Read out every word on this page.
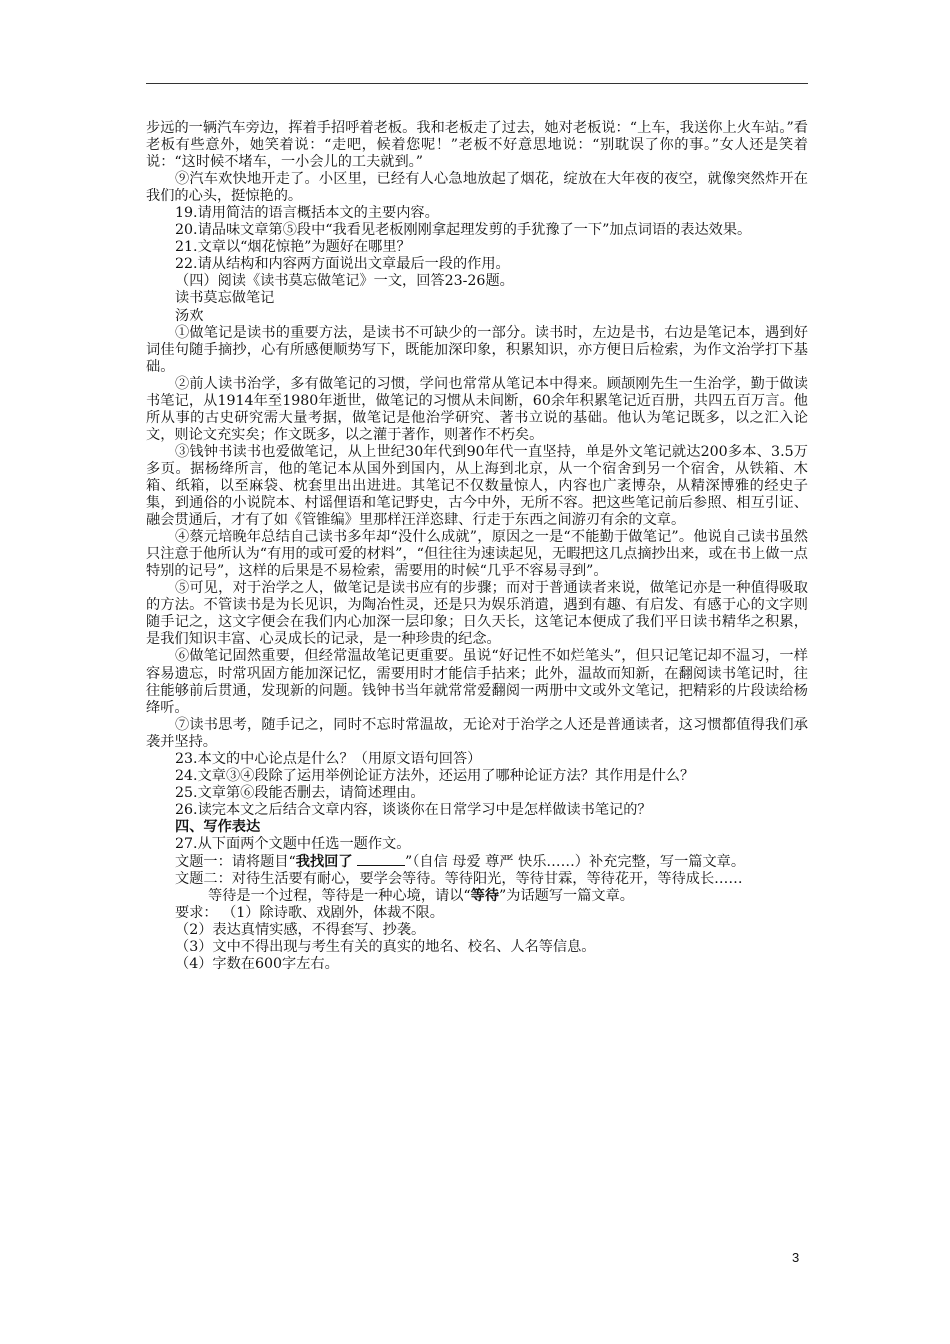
步远的一辆汽车旁边，挥着手招呼着老板。我和老板走了过去，她对老板说：“上车，我送你上火车站。”看老板有些意外，她笑着说：“走吧，候着您呢！”老板不好意思地说：“别耽误了你的事。”女人还是笑着说：“这时候不堵车，一小会儿的工夫就到。”

⑨汽车欢快地开走了。小区里，已经有人心急地放起了烟花，绽放在大年夜的夜空，就像突然炸开在我们的心头，挺惊艳的。

19.请用简洁的语言概括本文的主要内容。

20.请品味文章第⑤段中“我看见老板刚刚拿起理发剪的手犹豫了一下”加点词语的表达效果。

21.文章以“烟花惊艳”为题好在哪里？

22.请从结构和内容两方面说出文章最后一段的作用。

（四）阅读《读书莫忘做笔记》一文，回答23-26题。

读书莫忘做笔记

汤欢

①做笔记是读书的重要方法，是读书不可缺少的一部分。读书时，左边是书，右边是笔记本，遇到好词佳句随手摘抄，心有所感便顺势写下，既能加深印象，积累知识，亦方便日后检索，为作文治学打下基础。

②前人读书治学，多有做笔记的习惯，学问也常常从笔记本中得来。顾颉刚先生一生治学，勤于做读书笔记，从1914年至1980年逝世，做笔记的习惯从未间断，60余年积累笔记近百册，共四五百万言。他所从事的古史研究需大量考据，做笔记是他治学研究、著书立说的基础。他认为笔记既多，以之汇入论文，则论文充实矣；作文既多，以之灌于著作，则著作不朽矣。

③钱钟书读书也爱做笔记，从上世纪30年代到90年代一直坚持，单是外文笔记就达200多本、3.5万多页。据杨绛所言，他的笔记本从国外到国内，从上海到北京，从一个宿舍到另一个宿舍，从铁箱、木箱、纸箱，以至麻袋、枕套里出出进进。其笔记不仅数量惊人，内容也广袤博杂，从精深博雅的经史子集，到通俗的小说院本、村谣俚语和笔记野史，古今中外，无所不容。把这些笔记前后参照、相互引证、融会贯通后，才有了如《管锥编》里那样汪洋恣肆、行走于东西之间游刃有余的文章。

④蔡元培晚年总结自己读书多年却“没什么成就”，原因之一是“不能勤于做笔记”。他说自己读书虽然只注意于他所认为“有用的或可爱的材料”，“但往往为速读起见，无暇把这几点摘抄出来，或在书上做一点特别的记号”，这样的后果是不易检索，需要用的时候“几乎不容易寻到”。

⑤可见，对于治学之人，做笔记是读书应有的步骤；而对于普通读者来说，做笔记亦是一种值得吸取的方法。不管读书是为长见识，为陶冶性灵，还是只为娱乐消遣，遇到有趣、有启发、有感于心的文字则随手记之，这文字便会在我们内心加深一层印象；日久天长，这笔记本便成了我们平日读书精华之积累，是我们知识丰富、心灵成长的记录，是一种珍贵的纪念。

⑥做笔记固然重要，但经常温故笔记更重要。虽说“好记性不如烂笔头”，但只记笔记却不温习，一样容易遗忘，时常巩固方能加深记忆，需要用时才能信手拈来；此外，温故而知新，在翻阅读书笔记时，往往能够前后贯通，发现新的问题。钱钟书当年就常常爱翻阅一两册中文或外文笔记，把精彩的片段读给杨绛听。

⑦读书思考，随手记之，同时不忘时常温故，无论对于治学之人还是普通读者，这习惯都值得我们承袭并坚持。

23.本文的中心论点是什么？（用原文语句回答）

24.文章③④段除了运用举例论证方法外，还运用了哪种论证方法？其作用是什么？

25.文章第⑥段能否删去，请简述理由。

26.读完本文之后结合文章内容，谈谈你在日常学习中是怎样做读书笔记的？

四、写作表达

27.从下面两个文题中任选一题作文。

文题一：请将题目“我找回了	”（自信 母爱 尊严 快乐……）补充完整，写一篇文章。

文题二：对待生活要有耐心，要学会等待。等待阳光，等待甘霖，等待花开，等待成长……

等待是一个过程，等待是一种心境，请以“等待”为话题写一篇文章。

要求： （1）除诗歌、戏剧外，体裁不限。

（2）表达真情实感，不得套写、抄袭。

（3）文中不得出现与考生有关的真实的地名、校名、人名等信息。

（4）字数在600字左右。

3
